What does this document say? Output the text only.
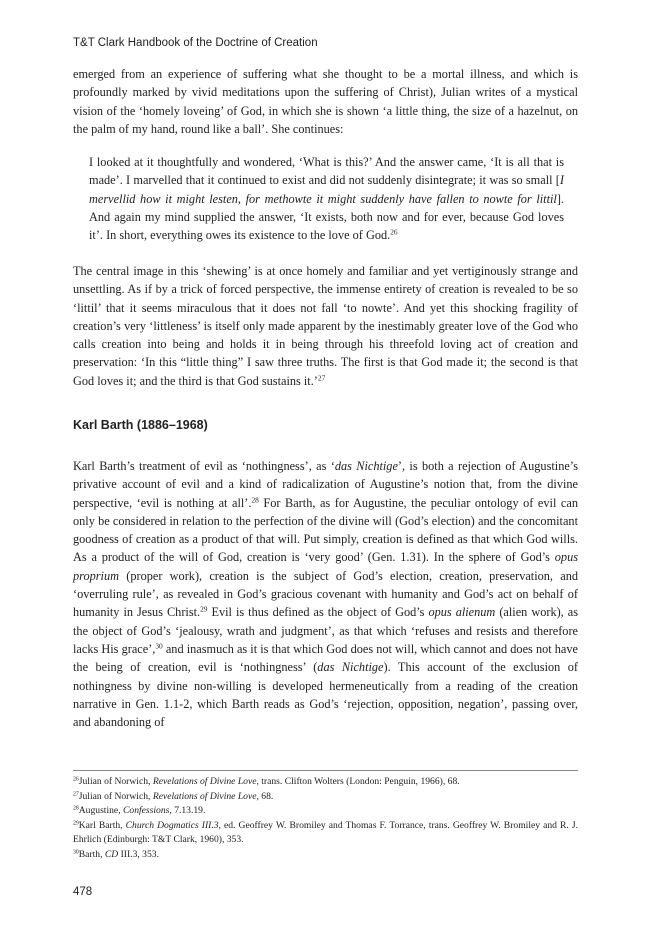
T&T Clark Handbook of the Doctrine of Creation

emerged from an experience of suffering what she thought to be a mortal illness, and which is profoundly marked by vivid meditations upon the suffering of Christ), Julian writes of a mystical vision of the ‘homely loveing’ of God, in which she is shown ‘a little thing, the size of a hazelnut, on the palm of my hand, round like a ball’. She continues:

I looked at it thoughtfully and wondered, ‘What is this?’ And the answer came, ‘It is all that is made’. I marvelled that it continued to exist and did not suddenly disintegrate; it was so small [I mervellid how it might lesten, for methowte it might suddenly have fallen to nowte for littil]. And again my mind supplied the answer, ‘It exists, both now and for ever, because God loves it’. In short, everything owes its existence to the love of God.$^{26}$

The central image in this ‘shewing’ is at once homely and familiar and yet vertiginously strange and unsettling. As if by a trick of forced perspective, the immense entirety of creation is revealed to be so ‘littil’ that it seems miraculous that it does not fall ‘to nowte’. And yet this shocking fragility of creation’s very ‘littleness’ is itself only made apparent by the inestimably greater love of the God who calls creation into being and holds it in being through his threefold loving act of creation and preservation: ‘In this “little thing” I saw three truths. The first is that God made it; the second is that God loves it; and the third is that God sustains it.’$^{27}$

Karl Barth (1886–1968)

Karl Barth’s treatment of evil as ‘nothingness’, as ‘das Nichtige’, is both a rejection of Augustine’s privative account of evil and a kind of radicalization of Augustine’s notion that, from the divine perspective, ‘evil is nothing at all’.$^{28}$ For Barth, as for Augustine, the peculiar ontology of evil can only be considered in relation to the perfection of the divine will (God’s election) and the concomitant goodness of creation as a product of that will. Put simply, creation is defined as that which God wills. As a product of the will of God, creation is ‘very good’ (Gen. 1.31). In the sphere of God’s opus proprium (proper work), creation is the subject of God’s election, creation, preservation, and ‘overruling rule’, as revealed in God’s gracious covenant with humanity and God’s act on behalf of humanity in Jesus Christ.$^{29}$ Evil is thus defined as the object of God’s opus alienum (alien work), as the object of God’s ‘jealousy, wrath and judgment’, as that which ‘refuses and resists and therefore lacks His grace’,$^{30}$ and inasmuch as it is that which God does not will, which cannot and does not have the being of creation, evil is ‘nothingness’ (das Nichtige). This account of the exclusion of nothingness by divine non-willing is developed hermeneutically from a reading of the creation narrative in Gen. 1.1-2, which Barth reads as God’s ‘rejection, opposition, negation’, passing over, and abandoning of

$^{26}$Julian of Norwich, Revelations of Divine Love, trans. Clifton Wolters (London: Penguin, 1966), 68.

$^{27}$Julian of Norwich, Revelations of Divine Love, 68.

$^{28}$Augustine, Confessions, 7.13.19.

$^{29}$Karl Barth, Church Dogmatics III.3, ed. Geoffrey W. Bromiley and Thomas F. Torrance, trans. Geoffrey W. Bromiley and R. J. Ehrlich (Edinburgh: T&T Clark, 1960), 353.

$^{30}$Barth, CD III.3, 353.

478
